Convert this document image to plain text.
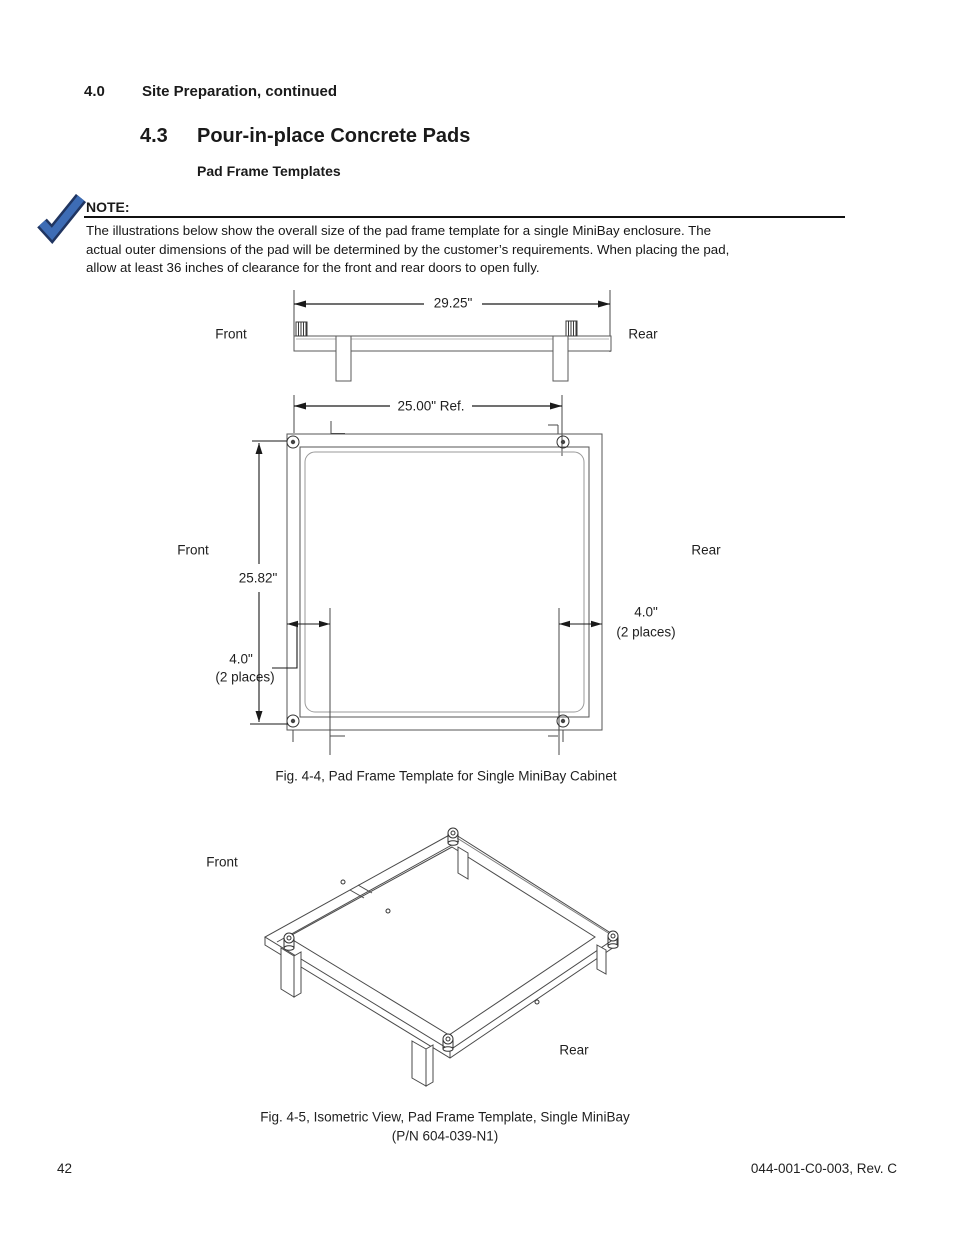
4.0 Site Preparation, continued
4.3 Pour-in-place Concrete Pads
Pad Frame Templates
NOTE:
The illustrations below show the overall size of the pad frame template for a single MiniBay enclosure. The
actual outer dimensions of the pad will be determined by the customer’s requirements. When placing the pad,
allow at least 36 inches of clearance for the front and rear doors to open fully.
Front	Rear
29.25"
Front	Rear
25.00" Ref.
25.82"
4.0"
(2 places)
4.0"
(2 places)
Fig. 4-4, Pad Frame Template for Single MiniBay Cabinet
Front
Rear
Fig. 4-5, Isometric View, Pad Frame Template, Single MiniBay
(P/N 604-039-N1)
42	044-001-C0-003, Rev. C
